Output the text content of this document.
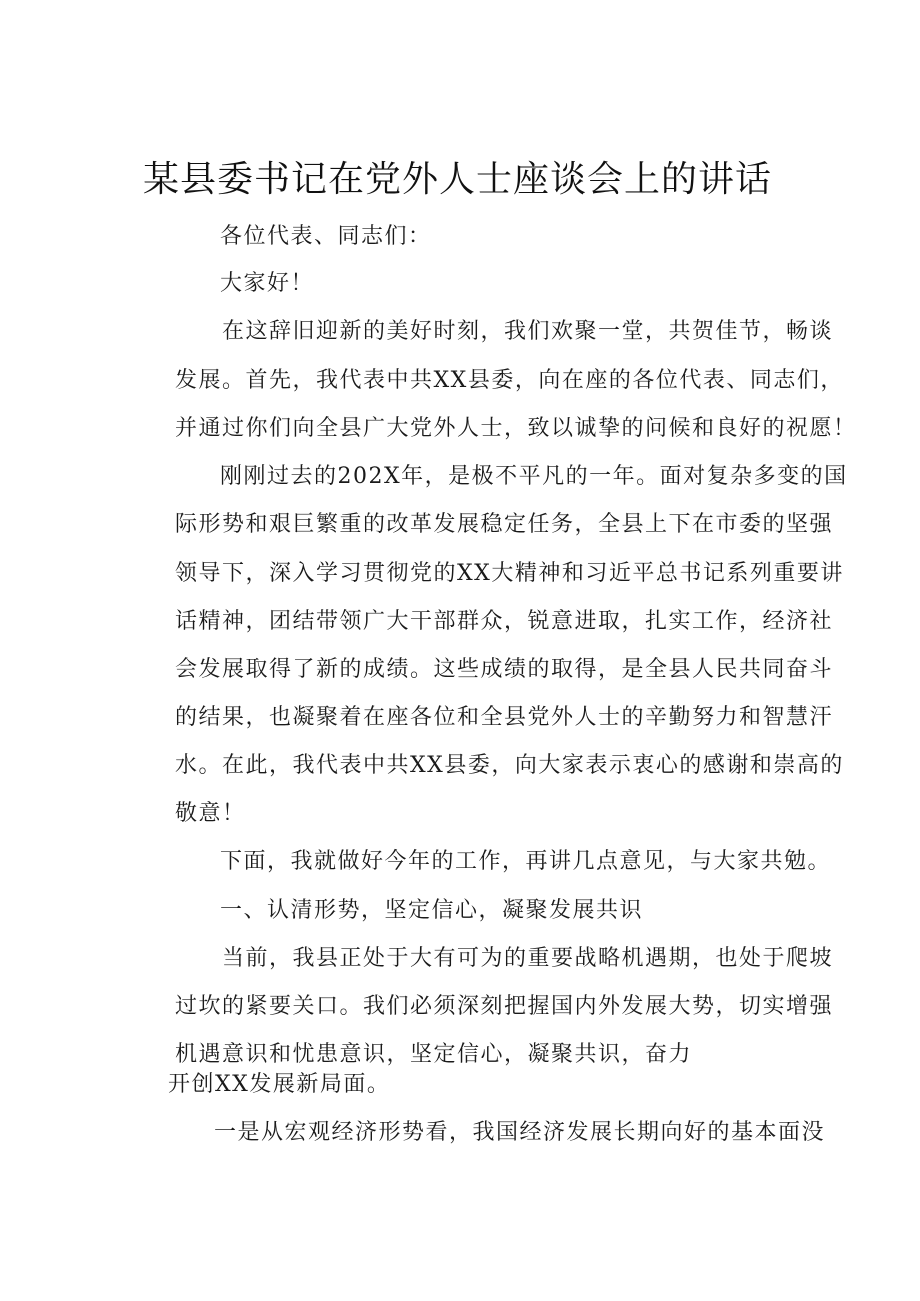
某县委书记在党外人士座谈会上的讲话
各位代表、同志们：
大家好！
在这辞旧迎新的美好时刻，我们欢聚一堂，共贺佳节，畅谈
发展。首先，我代表中共XX县委，向在座的各位代表、同志们，
并通过你们向全县广大党外人士，致以诚挚的问候和良好的祝愿！
刚刚过去的202X年，是极不平凡的一年。面对复杂多变的国
际形势和艰巨繁重的改革发展稳定任务，全县上下在市委的坚强
领导下，深入学习贯彻党的XX大精神和习近平总书记系列重要讲
话精神，团结带领广大干部群众，锐意进取，扎实工作，经济社
会发展取得了新的成绩。这些成绩的取得，是全县人民共同奋斗
的结果，也凝聚着在座各位和全县党外人士的辛勤努力和智慧汗
水。在此，我代表中共XX县委，向大家表示衷心的感谢和崇高的
敬意！
下面，我就做好今年的工作，再讲几点意见，与大家共勉。
一、认清形势，坚定信心，凝聚发展共识
当前，我县正处于大有可为的重要战略机遇期，也处于爬坡
过坎的紧要关口。我们必须深刻把握国内外发展大势，切实增强
机遇意识和忧患意识，坚定信心，凝聚共识，奋力
开创XX发展新局面。
一是从宏观经济形势看，我国经济发展长期向好的基本面没
